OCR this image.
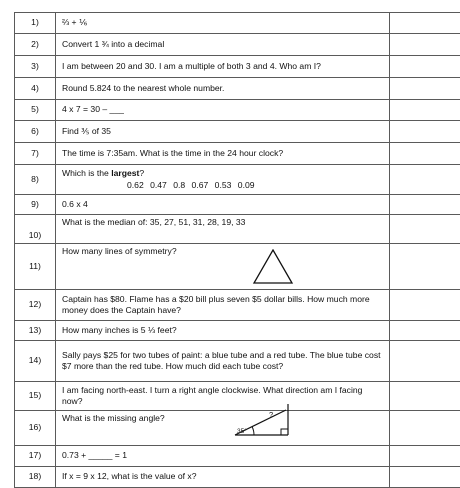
1)	⅔ + ⅙	
2)	Convert 1 ¾ into a decimal	
3)	I am between 20 and 30. I am a multiple of both 3 and 4. Who am I?	
4)	Round 5.824 to the nearest whole number.	
5)	4 x 7 = 30 – ___	
6)	Find ⅗ of 35	
7)	The time is 7:35am. What is the time in the 24 hour clock?	
8)	Which is the largest?
0.62 0.47 0.8 0.67 0.53 0.09	

9)	0.6 x 4	
10)	What is the median of: 35, 27, 51, 31, 28, 19, 33	
11)	How many lines of symmetry?

12)	Captain has $80. Flame has a $20 bill plus seven $5 dollar bills. How much more money does the Captain have?	
13)	How many inches is 5 ⅓ feet?	
14)	Sally pays $25 for two tubes of paint: a blue tube and a red tube. The blue tube cost $7 more than the red tube. How much did each tube cost?	
15)	I am facing north-east. I turn a right angle clockwise. What direction am I facing now?	
16)	What is the missing angle?
35°
?	

17)	0.73 + _____ = 1	
18)	If x = 9 x 12, what is the value of x?	
